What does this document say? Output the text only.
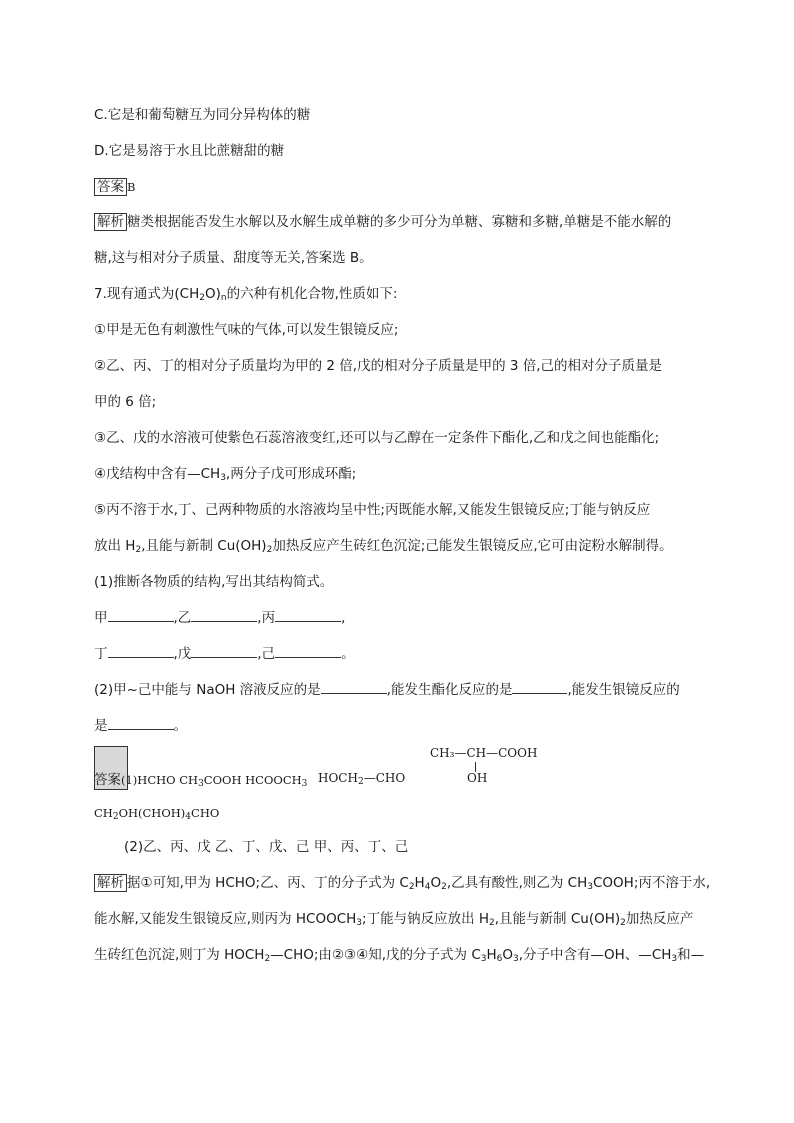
C.它是和葡萄糖互为同分异构体的糖
D.它是易溶于水且比蔗糖甜的糖
答案 B
解析 糖类根据能否发生水解以及水解生成单糖的多少可分为单糖、寡糖和多糖,单糖是不能水解的
糖,这与相对分子质量、甜度等无关,答案选 B。
7.现有通式为$(CH_2O)_n$的六种有机化合物,性质如下:
①甲是无色有刺激性气味的气体,可以发生银镜反应;
②乙、丙、丁的相对分子质量均为甲的 2 倍,戊的相对分子质量是甲的 3 倍,己的相对分子质量是
甲的 6 倍;
③乙、戊的水溶液可使紫色石蕊溶液变红,还可以与乙醇在一定条件下酯化,乙和戊之间也能酯化;
④戊结构中含有$—CH_3$,两分子戊可形成环酯;
⑤丙不溶于水,丁、己两种物质的水溶液均呈中性;丙既能水解,又能发生银镜反应;丁能与钠反应
放出 $H_2$,且能与新制 $Cu(OH)_2$加热反应产生砖红色沉淀;己能发生银镜反应,它可由淀粉水解制得。
(1)推断各物质的结构,写出其结构简式。
甲	,乙	,丙	,
丁	,戊	,己	。
(2)甲~己中能与 NaOH 溶液反应的是	,能发生酯化反应的是	,能发生银镜反应的
是	。
答案(1)HCHO $CH_3COOH$ $HCOOCH_3$ $HOCH_2—CHO$
CH₃—CH—COOH
OH
$CH_2OH(CHOH)_4CHO$
(2)乙、丙、戊 乙、丁、戊、己 甲、丙、丁、己
解析 据①可知,甲为 HCHO;乙、丙、丁的分子式为 $C_2H_4O_2$,乙具有酸性,则乙为 $CH_3COOH$;丙不溶于水,
能水解,又能发生银镜反应,则丙为 $HCOOCH_3$;丁能与钠反应放出 $H_2$,且能与新制 $Cu(OH)_2$加热反应产
生砖红色沉淀,则丁为 $HOCH_2—CHO$;由②③④知,戊的分子式为 $C_3H_6O_3$,分子中含有—OH、$—CH_3$和—
